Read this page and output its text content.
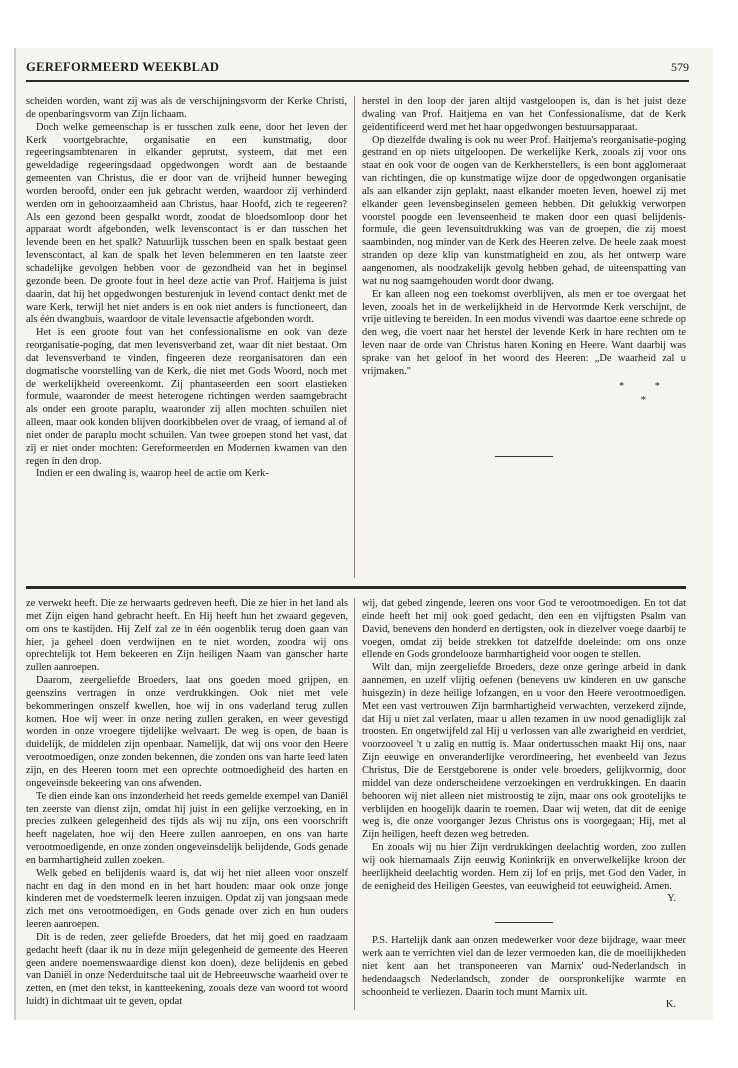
GEREFORMEERD WEEKBLAD	579

scheiden worden, want zij was als de verschijningsvorm der Kerke Christi, de openbaringsvorm van Zijn lichaam.

Doch welke gemeenschap is er tusschen zulk eene, door het leven der Kerk voortgebrachte, organisatie en een kunstmatig, door regeeringsambtenaren in elkander geprutst, systeem, dat met een geweldadige regeeringsdaad opgedwongen wordt aan de bestaande gemeenten van Christus, die er door van de vrijheid hunner beweging worden beroofd, onder een juk gebracht werden, waardoor zij verhinderd werden om in gehoorzaamheid aan Christus, haar Hoofd, zich te regeeren? Als een gezond been gespalkt wordt, zoodat de bloedsomloop door het apparaat wordt afgebonden, welk levenscontact is er dan tusschen het levende been en het spalk? Natuurlijk tusschen been en spalk bestaat geen levenscontact, al kan de spalk het leven belemmeren en ten laatste zeer schadelijke gevolgen hebben voor de gezondheid van het in beginsel gezonde been. De groote fout in heel deze actie van Prof. Haitjema is juist daarin, dat hij het opgedwongen besturenjuk in levend contact denkt met de ware Kerk, terwijl het niet anders is en ook niet anders is functioneert, dan als één dwangbuis, waardoor de vitale levensactie afgebonden wordt.

Het is een groote fout van het confessionalisme en ook van deze reorganisatie-poging, dat men levensverband zet, waar dit niet bestaat. Om dat levensverband te vinden, fingeeren deze reorganisatoren dan een dogmatische voorstelling van de Kerk, die niet met Gods Woord, noch met de werkelijkheid overeenkomt. Zij phantaseerden een soort elastieken formule, waaronder de meest heterogene richtingen werden saamgebracht als onder een groote paraplu, waaronder zij allen mochten schuilen niet alleen, maar ook konden blijven doorkibbelen over de vraag, of iemand al of niet onder de paraplu mocht schuilen. Van twee groepen stond het vast, dat zij er niet onder mochten: Gereformeerden en Modernen kwamen van den regen in den drop.

Indien er een dwaling is, waarop heel de actie om Kerk-

herstel in den loop der jaren altijd vastgeloopen is, dan is het juist deze dwaling van Prof. Haitjema en van het Confessionalisme, dat de Kerk geïdentificeerd werd met het haar opgedwongen bestuursapparaat.

Op diezelfde dwaling is ook nu weer Prof. Haitjema's reorganisatie-poging gestrand en op niets uitgeloopen. De werkelijke Kerk, zooals zij voor ons staat en ook voor de oogen van de Kerkherstellers, is een bont agglomeraat van richtingen, die op kunstmatige wijze door de opgedwongen organisatie als aan elkander zijn geplakt, naast elkander moeten leven, hoewel zij met elkander geen levensbeginselen gemeen hebben. Dit gelukkig verworpen voorstel poogde een levenseenheid te maken door een quasi belijdenis-formule, die geen levensuitdrukking was van de groepen, die zij moest saambinden, nog minder van de Kerk des Heeren zelve. De heele zaak moest stranden op deze klip van kunstmatigheid en zou, als het ontwerp ware aangenomen, als noodzakelijk gevolg hebben gehad, de uiteenspatting van wat nu nog saamgehouden wordt door dwang.

Er kan alleen nog een toekomst overblijven, als men er toe overgaat het leven, zooals het in de werkelijkheid in de Hervormde Kerk verschijnt, de vrije uitleving te bereiden. In een modus vivendi was daartoe eene schrede op den weg, die voert naar het herstel der levende Kerk in hare rechten om te leven naar de orde van Christus haren Koning en Heere. Want daarbij was sprake van het geloof in het woord des Heeren: „De waarheid zal u vrijmaken."

* *
*

ze verwekt heeft. Die ze herwaarts gedreven heeft. Die ze hier in het land als met Zijn eigen hand gebracht heeft. En Hij heeft hun het zwaard gegeven, om ons te kastijden. Hij Zelf zal ze in één oogenblik terug doen gaan van hier, ja geheel doen verdwijnen en te niet worden, zoodra wij ons oprechtelijk tot Hem bekeeren en Zijn heiligen Naam van ganscher harte zullen aanroepen.

Daarom, zeergeliefde Broeders, laat ons goeden moed grijpen, en geenszins vertragen in onze verdrukkingen. Ook niet met vele bekommeringen onszelf kwellen, hoe wij in ons vaderland terug zullen komen. Hoe wij weer in onze nering zullen geraken, en weer gevestigd worden in onze vroegere tijdelijke welvaart. De weg is open, de baan is duidelijk, de middelen zijn openbaar. Namelijk, dat wij ons voor den Heere verootmoedigen, onze zonden bekennen, die zonden ons van harte leed laten zijn, en des Heeren toorn met een oprechte ootmoedigheid des harten en ongeveinsde bekeering van ons afwenden.

Te dien einde kan ons inzonderheid het reeds gemelde exempel van Daniël ten zeerste van dienst zijn, omdat hij juist in een gelijke verzoeking, en in precies zulkeen gelegenheid des tijds als wij nu zijn, ons een voorschrift heeft nagelaten, hoe wij den Heere zullen aanroepen, en ons van harte verootmoedigende, en onze zonden ongeveinsdelijk belijdende, Gods genade en barmhartigheid zullen zoeken.

Welk gebed en belijdenis waard is, dat wij het niet alleen voor onszelf nacht en dag in den mond en in het hart houden: maar ook onze jonge kinderen met de voedstermelk leeren inzuigen. Opdat zij van jongsaan mede zich met ons verootmoedigen, en Gods genade over zich en hun ouders leeren aanroepen.

Dit is de reden, zeer geliefde Broeders, dat het mij goed en raadzaam gedacht heeft (daar ik nu in deze mijn gelegenheid de gemeente des Heeren geen andere noemenswaardige dienst kon doen), deze belijdenis en gebed van Daniël in onze Nederduitsche taal uit de Hebreeuwsche waarheid over te zetten, en (met den tekst, in kantteekening, zooals deze van woord tot woord luidt) in dichtmaat uit te geven, opdat

wij, dat gebed zingende, leeren ons voor God te verootmoedigen. En tot dat einde heeft het mij ook goed gedacht, den een en vijftigsten Psalm van David, benevens den honderd en dertigsten, ook in diezelver voege daarbij te voegen, omdat zij beide strekken tot datzelfde doeleinde: om ons onze ellende en Gods grondelooze barmhartigheid voor oogen te stellen.

Wilt dan, mijn zeergeliefde Broeders, deze onze geringe arbeid in dank aannemen, en uzelf vlijtig oefenen (benevens uw kinderen en uw gansche huisgezin) in deze heilige lofzangen, en u voor den Heere verootmoedigen. Met een vast vertrouwen Zijn barmhartigheid verwachten, verzekerd zijnde, dat Hij u niet zal verlaten, maar u allen tezamen in uw nood genadiglijk zal troosten. En ongetwijfeld zal Hij u verlossen van alle zwarigheid en verdriet, voorzooveel 't u zalig en nuttig is. Maar ondertusschen maakt Hij ons, naar Zijn eeuwige en onveranderlijke verordineering, het evenbeeld van Jezus Christus, Die de Eerstgeborene is onder vele broeders, gelijkvormig, door middel van deze onderscheidene verzoekingen en verdrukkingen. En daarin behooren wij niet alleen niet mistroostig te zijn, maar ons ook grootelijks te verblijden en hoogelijk daarin te roemen. Daar wij weten, dat dit de eenige weg is, die onze voorganger Jezus Christus ons is voorgegaan; Hij, met al Zijn heiligen, heeft dezen weg betreden.

En zooals wij nu hier Zijn verdrukkingen deelachtig worden, zoo zullen wij ook hiernamaals Zijn eeuwig Koninkrijk en onverwelkelijke kroon der heerlijkheid deelachtig worden. Hem zij lof en prijs, met God den Vader, in de eenigheid des Heiligen Geestes, van eeuwigheid tot eeuwigheid. Amen.

Y.

P.S. Hartelijk dank aan onzen medewerker voor deze bijdrage, waar meer werk aan te verrichten viel dan de lezer vermoeden kan, die de moeilijkheden niet kent aan het transponeeren van Marnix' oud-Nederlandsch in hedendaagsch Nederlandsch, zonder de oorspronkelijke warmte en schoonheid te verliezen. Daarin toch munt Marnix uit.

K.
